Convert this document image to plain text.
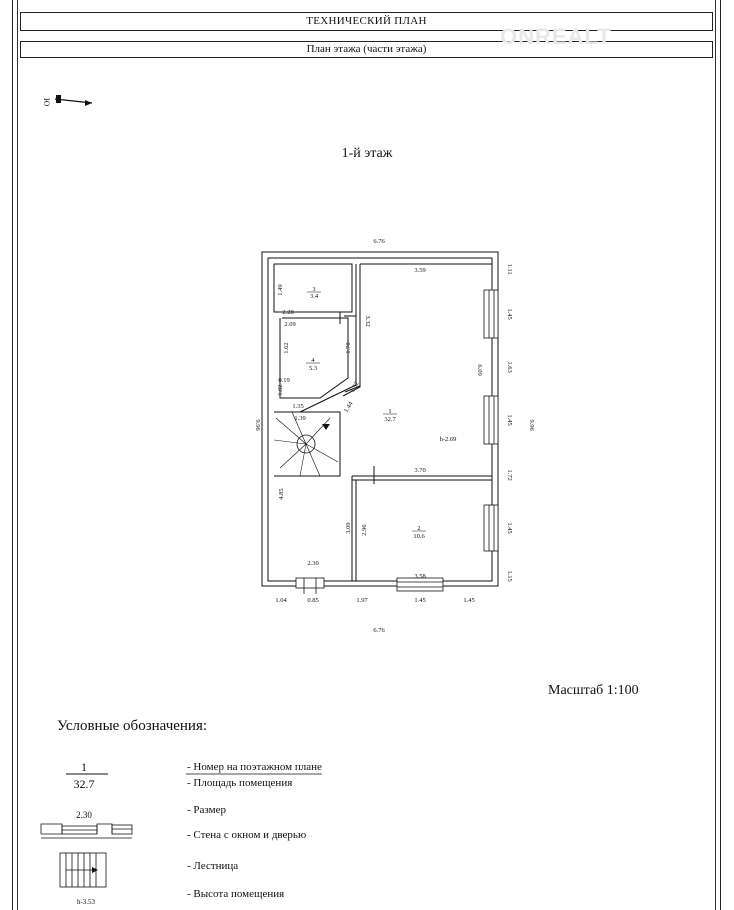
ТЕХНИЧЕСКИЙ ПЛАН
План этажа (части этажа)	ONREALT
1-й этаж
Ю
3
3.4
4
5.3
1
32.7
h-2.69
2
10.6
6.76
6.76
3.59
3.70
3.58
2.28
2.09
0.19
1.35
1.39
2.30
1.04	0.85	1.97	1.45	1.45
9.96	9.96
1.11
1.45
1.63
1.45
1.72
1.45
1.15
6.09
3.32
1.49
1.62	1.70
1.02	1.32
1.44
4.85
3.09 2.96
1
32.7
2.30
h-3.53
Масштаб 1:100
Условные обозначения:
- Номер на поэтажном плане
- Площадь помещения
- Размер
- Стена с окном и дверью
- Лестница
- Высота помещения
